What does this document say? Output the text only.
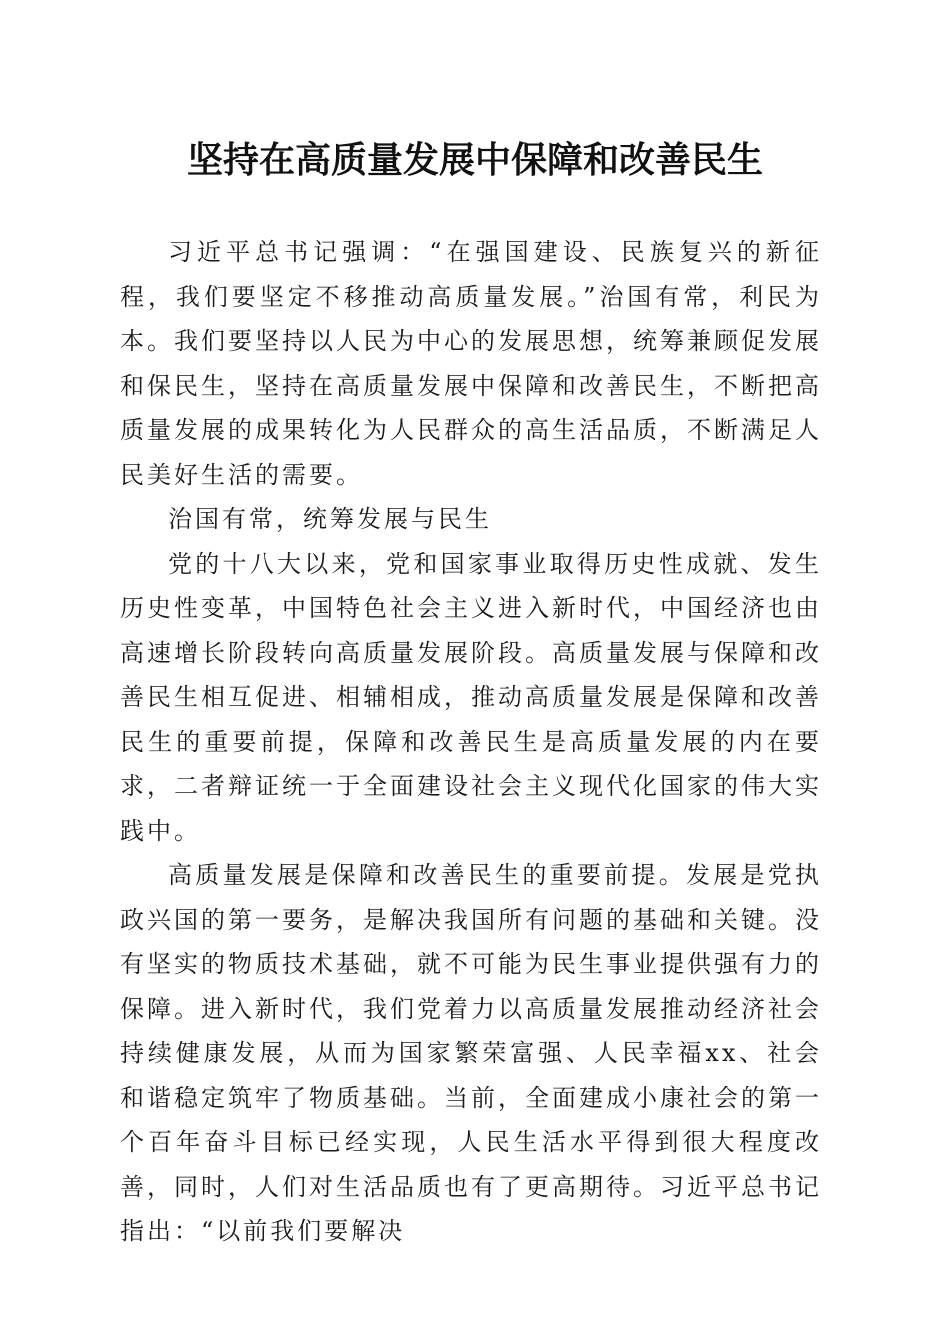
坚持在高质量发展中保障和改善民生

习近平总书记强调：“在强国建设、民族复兴的新征程，我们要坚定不移推动高质量发展。”治国有常，利民为本。我们要坚持以人民为中心的发展思想，统筹兼顾促发展和保民生，坚持在高质量发展中保障和改善民生，不断把高质量发展的成果转化为人民群众的高生活品质，不断满足人民美好生活的需要。

治国有常，统筹发展与民生

党的十八大以来，党和国家事业取得历史性成就、发生历史性变革，中国特色社会主义进入新时代，中国经济也由高速增长阶段转向高质量发展阶段。高质量发展与保障和改善民生相互促进、相辅相成，推动高质量发展是保障和改善民生的重要前提，保障和改善民生是高质量发展的内在要求，二者辩证统一于全面建设社会主义现代化国家的伟大实践中。

高质量发展是保障和改善民生的重要前提。发展是党执政兴国的第一要务，是解决我国所有问题的基础和关键。没有坚实的物质技术基础，就不可能为民生事业提供强有力的保障。进入新时代，我们党着力以高质量发展推动经济社会持续健康发展，从而为国家繁荣富强、人民幸福xx、社会和谐稳定筑牢了物质基础。当前，全面建成小康社会的第一个百年奋斗目标已经实现，人民生活水平得到很大程度改善，同时，人们对生活品质也有了更高期待。习近平总书记指出：“以前我们要解决
